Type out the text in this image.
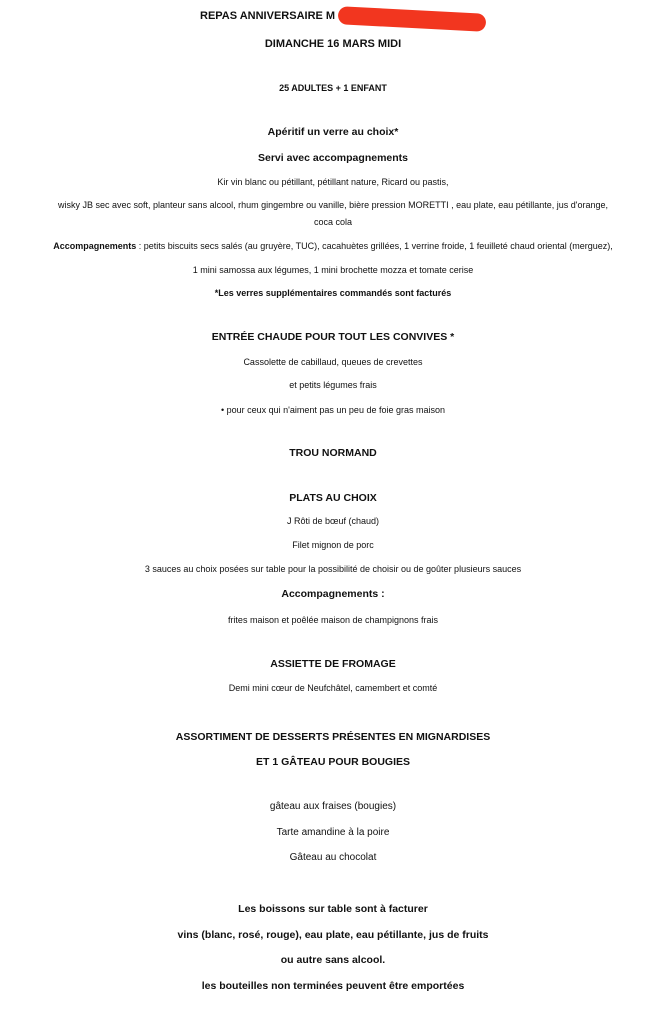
REPAS ANNIVERSAIRE M
DIMANCHE 16 MARS MIDI
25 ADULTES + 1 ENFANT
Apéritif un verre au choix*
Servi avec accompagnements
Kir vin blanc ou pétillant, pétillant nature, Ricard ou pastis,
wisky JB sec avec soft, planteur sans alcool, rhum gingembre ou vanille, bière pression MORETTI , eau plate, eau pétillante, jus d'orange,
coca cola
Accompagnements : petits biscuits secs salés (au gruyère, TUC), cacahuètes grillées, 1 verrine froide, 1 feuilleté chaud oriental (merguez),
1 mini samossa aux légumes, 1 mini brochette mozza et tomate cerise
*Les verres supplémentaires commandés sont facturés
ENTRÉE CHAUDE POUR TOUT LES CONVIVES *
Cassolette de cabillaud, queues de crevettes
et petits légumes frais
• pour ceux qui n'aiment pas un peu de foie gras maison
TROU NORMAND
PLATS AU CHOIX
J Rôti de bœuf (chaud)
Filet mignon de porc
3 sauces au choix posées sur table pour la possibilité de choisir ou de goûter plusieurs sauces
Accompagnements :
frites maison et poêlée maison de champignons frais
ASSIETTE DE FROMAGE
Demi mini cœur de Neufchâtel, camembert et comté
ASSORTIMENT DE DESSERTS PRÉSENTES EN MIGNARDISES
ET 1 GÂTEAU POUR BOUGIES
gâteau aux fraises (bougies)
Tarte amandine à la poire
Gâteau au chocolat
Les boissons sur table sont à facturer
vins (blanc, rosé, rouge), eau plate, eau pétillante, jus de fruits
ou autre sans alcool.
les bouteilles non terminées peuvent être emportées
